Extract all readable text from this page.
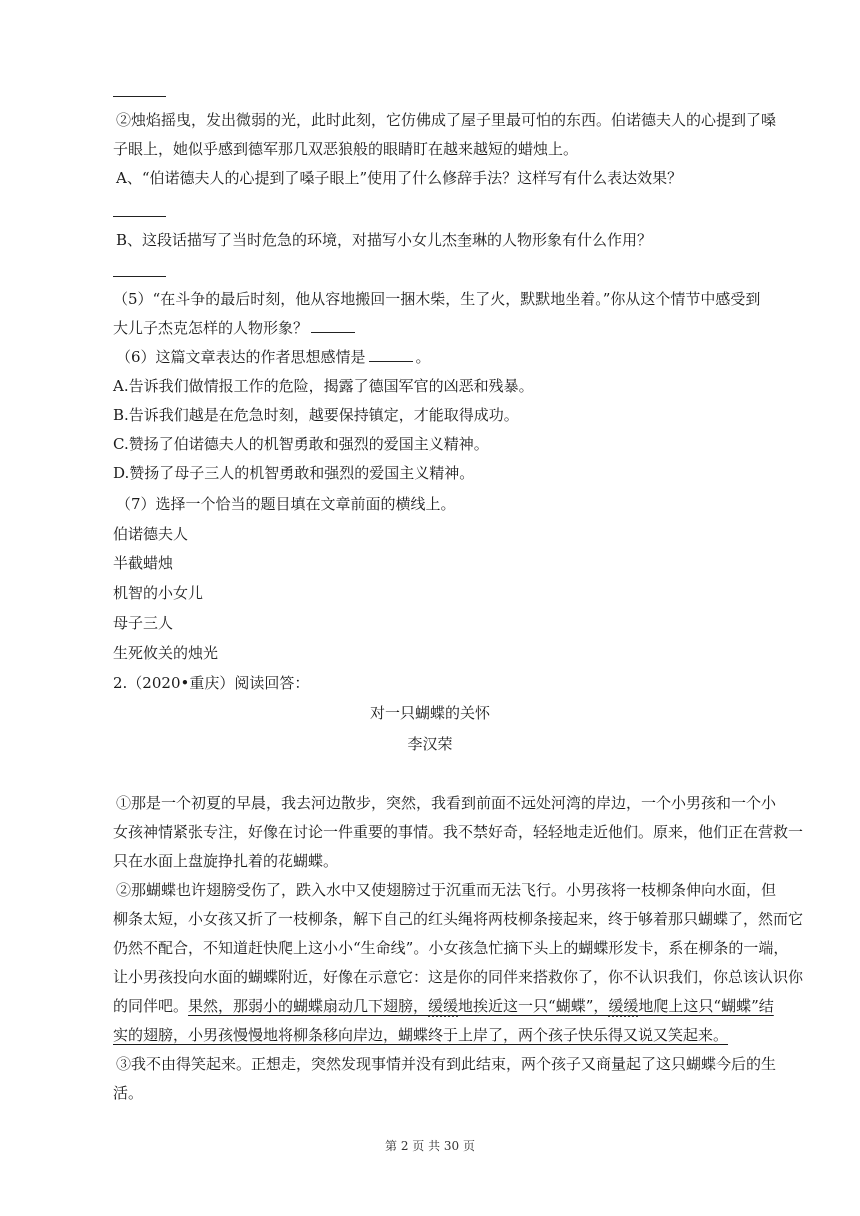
②烛焰摇曳，发出微弱的光，此时此刻，它仿佛成了屋子里最可怕的东西。伯诺德夫人的心提到了嗓
子眼上，她似乎感到德军那几双恶狼般的眼睛盯在越来越短的蜡烛上。
A、“伯诺德夫人的心提到了嗓子眼上”使用了什么修辞手法？这样写有什么表达效果？
B、这段话描写了当时危急的环境，对描写小女儿杰奎琳的人物形象有什么作用？
（5）“在斗争的最后时刻，他从容地搬回一捆木柴，生了火，默默地坐着。”你从这个情节中感受到
大儿子杰克怎样的人物形象？
（6）这篇文章表达的作者思想感情是	。
A.告诉我们做情报工作的危险，揭露了德国军官的凶恶和残暴。
B.告诉我们越是在危急时刻，越要保持镇定，才能取得成功。
C.赞扬了伯诺德夫人的机智勇敢和强烈的爱国主义精神。
D.赞扬了母子三人的机智勇敢和强烈的爱国主义精神。
（7）选择一个恰当的题目填在文章前面的横线上。
伯诺德夫人
半截蜡烛
机智的小女儿
母子三人
生死攸关的烛光
2.（2020•重庆）阅读回答：
对一只蝴蝶的关怀
李汉荣
①那是一个初夏的早晨，我去河边散步，突然，我看到前面不远处河湾的岸边，一个小男孩和一个小
女孩神情紧张专注，好像在讨论一件重要的事情。我不禁好奇，轻轻地走近他们。原来，他们正在营救一
只在水面上盘旋挣扎着的花蝴蝶。
②那蝴蝶也许翅膀受伤了，跌入水中又使翅膀过于沉重而无法飞行。小男孩将一枝柳条伸向水面，但
柳条太短，小女孩又折了一枝柳条，解下自己的红头绳将两枝柳条接起来，终于够着那只蝴蝶了，然而它
仍然不配合，不知道赶快爬上这小小“生命线”。小女孩急忙摘下头上的蝴蝶形发卡，系在柳条的一端，
让小男孩投向水面的蝴蝶附近，好像在示意它：这是你的同伴来搭救你了，你不认识我们，你总该认识你
的同伴吧。果然，那弱小的蝴蝶扇动几下翅膀，缓缓地挨近这一只“蝴蝶”，缓缓地爬上这只“蝴蝶”结
实的翅膀，小男孩慢慢地将柳条移向岸边，蝴蝶终于上岸了，两个孩子快乐得又说又笑起来。
③我不由得笑起来。正想走，突然发现事情并没有到此结束，两个孩子又商量起了这只蝴蝶今后的生
活。
第 2 页 共 30 页
